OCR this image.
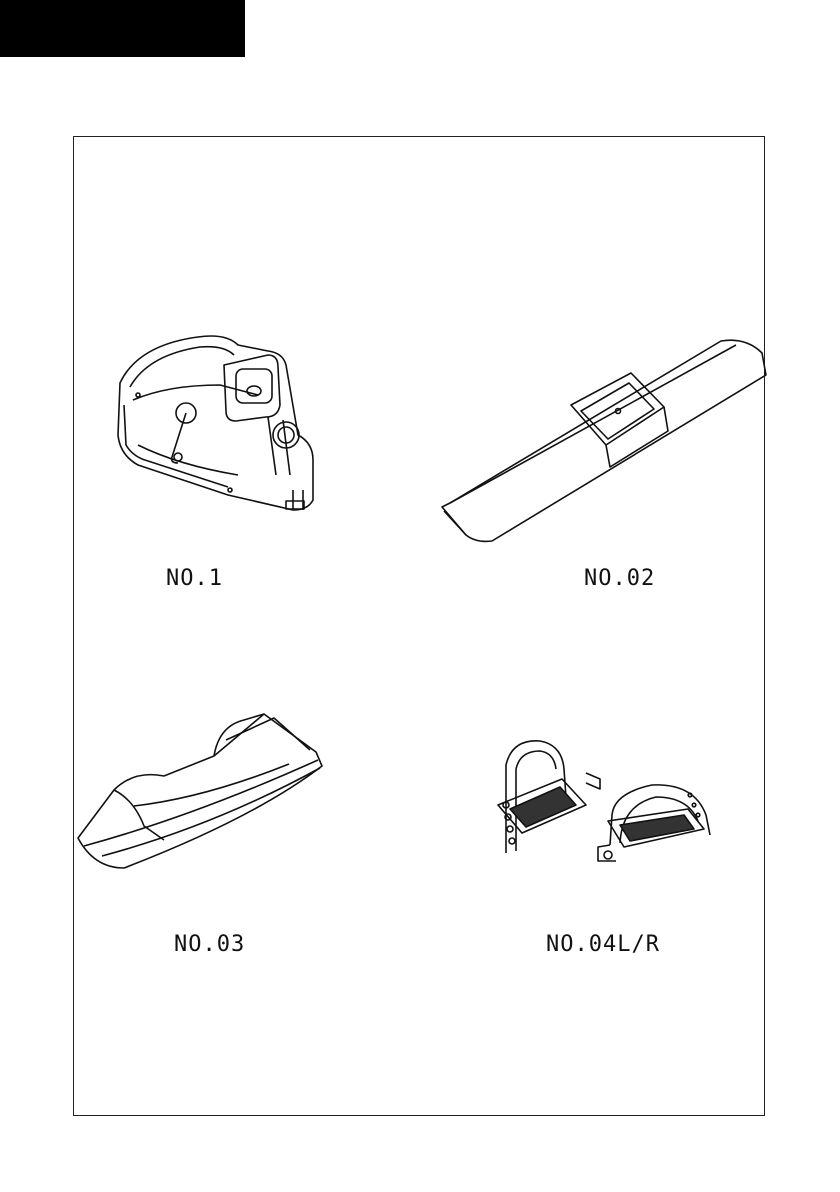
NO.1	NO.02
NO.03	NO.04L/R
